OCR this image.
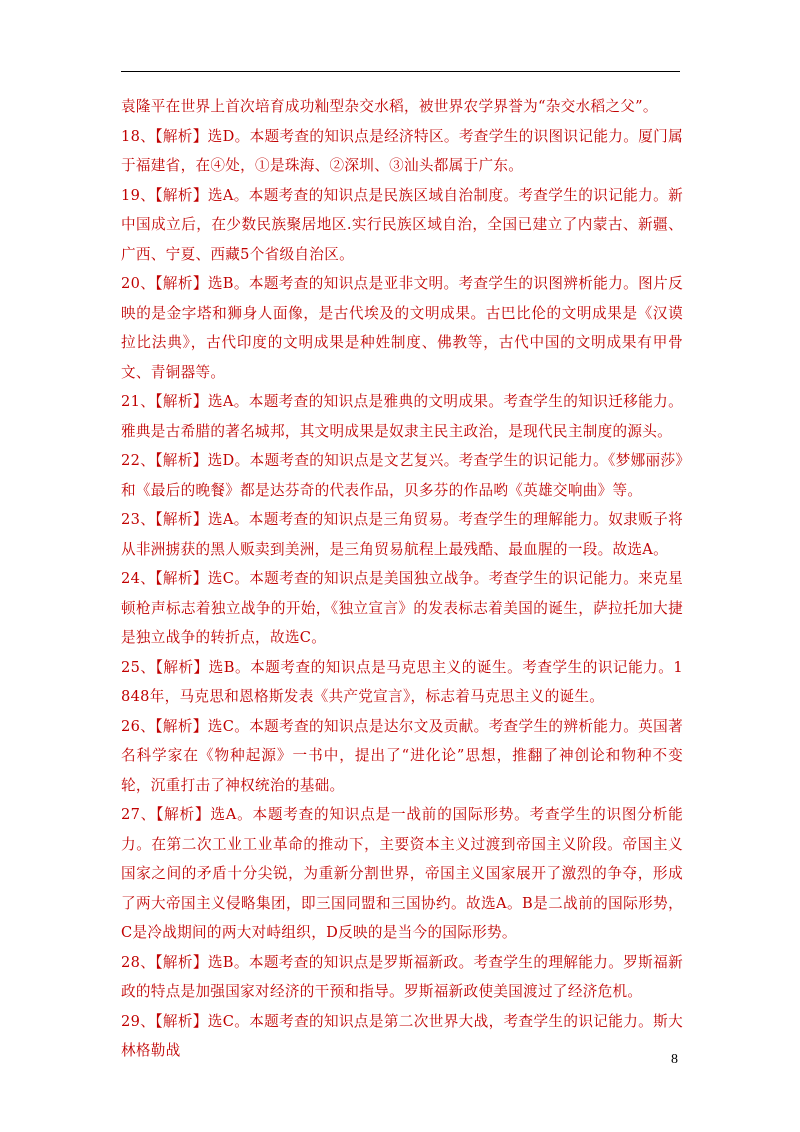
袁隆平在世界上首次培育成功籼型杂交水稻，被世界农学界誉为“杂交水稻之父”。

18、【解析】选D。本题考查的知识点是经济特区。考查学生的识图识记能力。厦门属于福建省，在④处，①是珠海、②深圳、③汕头都属于广东。

19、【解析】选A。本题考查的知识点是民族区域自治制度。考查学生的识记能力。新中国成立后，在少数民族聚居地区.实行民族区域自治，全国已建立了内蒙古、新疆、广西、宁夏、西藏5个省级自治区。

20、【解析】选B。本题考查的知识点是亚非文明。考查学生的识图辨析能力。图片反映的是金字塔和狮身人面像，是古代埃及的文明成果。古巴比伦的文明成果是《汉谟拉比法典》，古代印度的文明成果是种姓制度、佛教等，古代中国的文明成果有甲骨文、青铜器等。

21、【解析】选A。本题考查的知识点是雅典的文明成果。考查学生的知识迁移能力。雅典是古希腊的著名城邦，其文明成果是奴隶主民主政治，是现代民主制度的源头。

22、【解析】选D。本题考查的知识点是文艺复兴。考查学生的识记能力。《梦娜丽莎》和《最后的晚餐》都是达芬奇的代表作品，贝多芬的作品哟《英雄交响曲》等。

23、【解析】选A。本题考查的知识点是三角贸易。考查学生的理解能力。奴隶贩子将从非洲掳获的黑人贩卖到美洲，是三角贸易航程上最残酷、最血腥的一段。故选A。

24、【解析】选C。本题考查的知识点是美国独立战争。考查学生的识记能力。来克星顿枪声标志着独立战争的开始，《独立宣言》的发表标志着美国的诞生，萨拉托加大捷是独立战争的转折点，故选C。

25、【解析】选B。本题考查的知识点是马克思主义的诞生。考查学生的识记能力。1848年，马克思和恩格斯发表《共产党宣言》，标志着马克思主义的诞生。

26、【解析】选C。本题考查的知识点是达尔文及贡献。考查学生的辨析能力。英国著名科学家在《物种起源》一书中，提出了“进化论”思想，推翻了神创论和物种不变轮，沉重打击了神权统治的基础。

27、【解析】选A。本题考查的知识点是一战前的国际形势。考查学生的识图分析能力。在第二次工业工业革命的推动下，主要资本主义过渡到帝国主义阶段。帝国主义国家之间的矛盾十分尖锐，为重新分割世界，帝国主义国家展开了激烈的争夺，形成了两大帝国主义侵略集团，即三国同盟和三国协约。故选A。B是二战前的国际形势，C是冷战期间的两大对峙组织，D反映的是当今的国际形势。

28、【解析】选B。本题考查的知识点是罗斯福新政。考查学生的理解能力。罗斯福新政的特点是加强国家对经济的干预和指导。罗斯福新政使美国渡过了经济危机。

29、【解析】选C。本题考查的知识点是第二次世界大战，考查学生的识记能力。斯大林格勒战

8
